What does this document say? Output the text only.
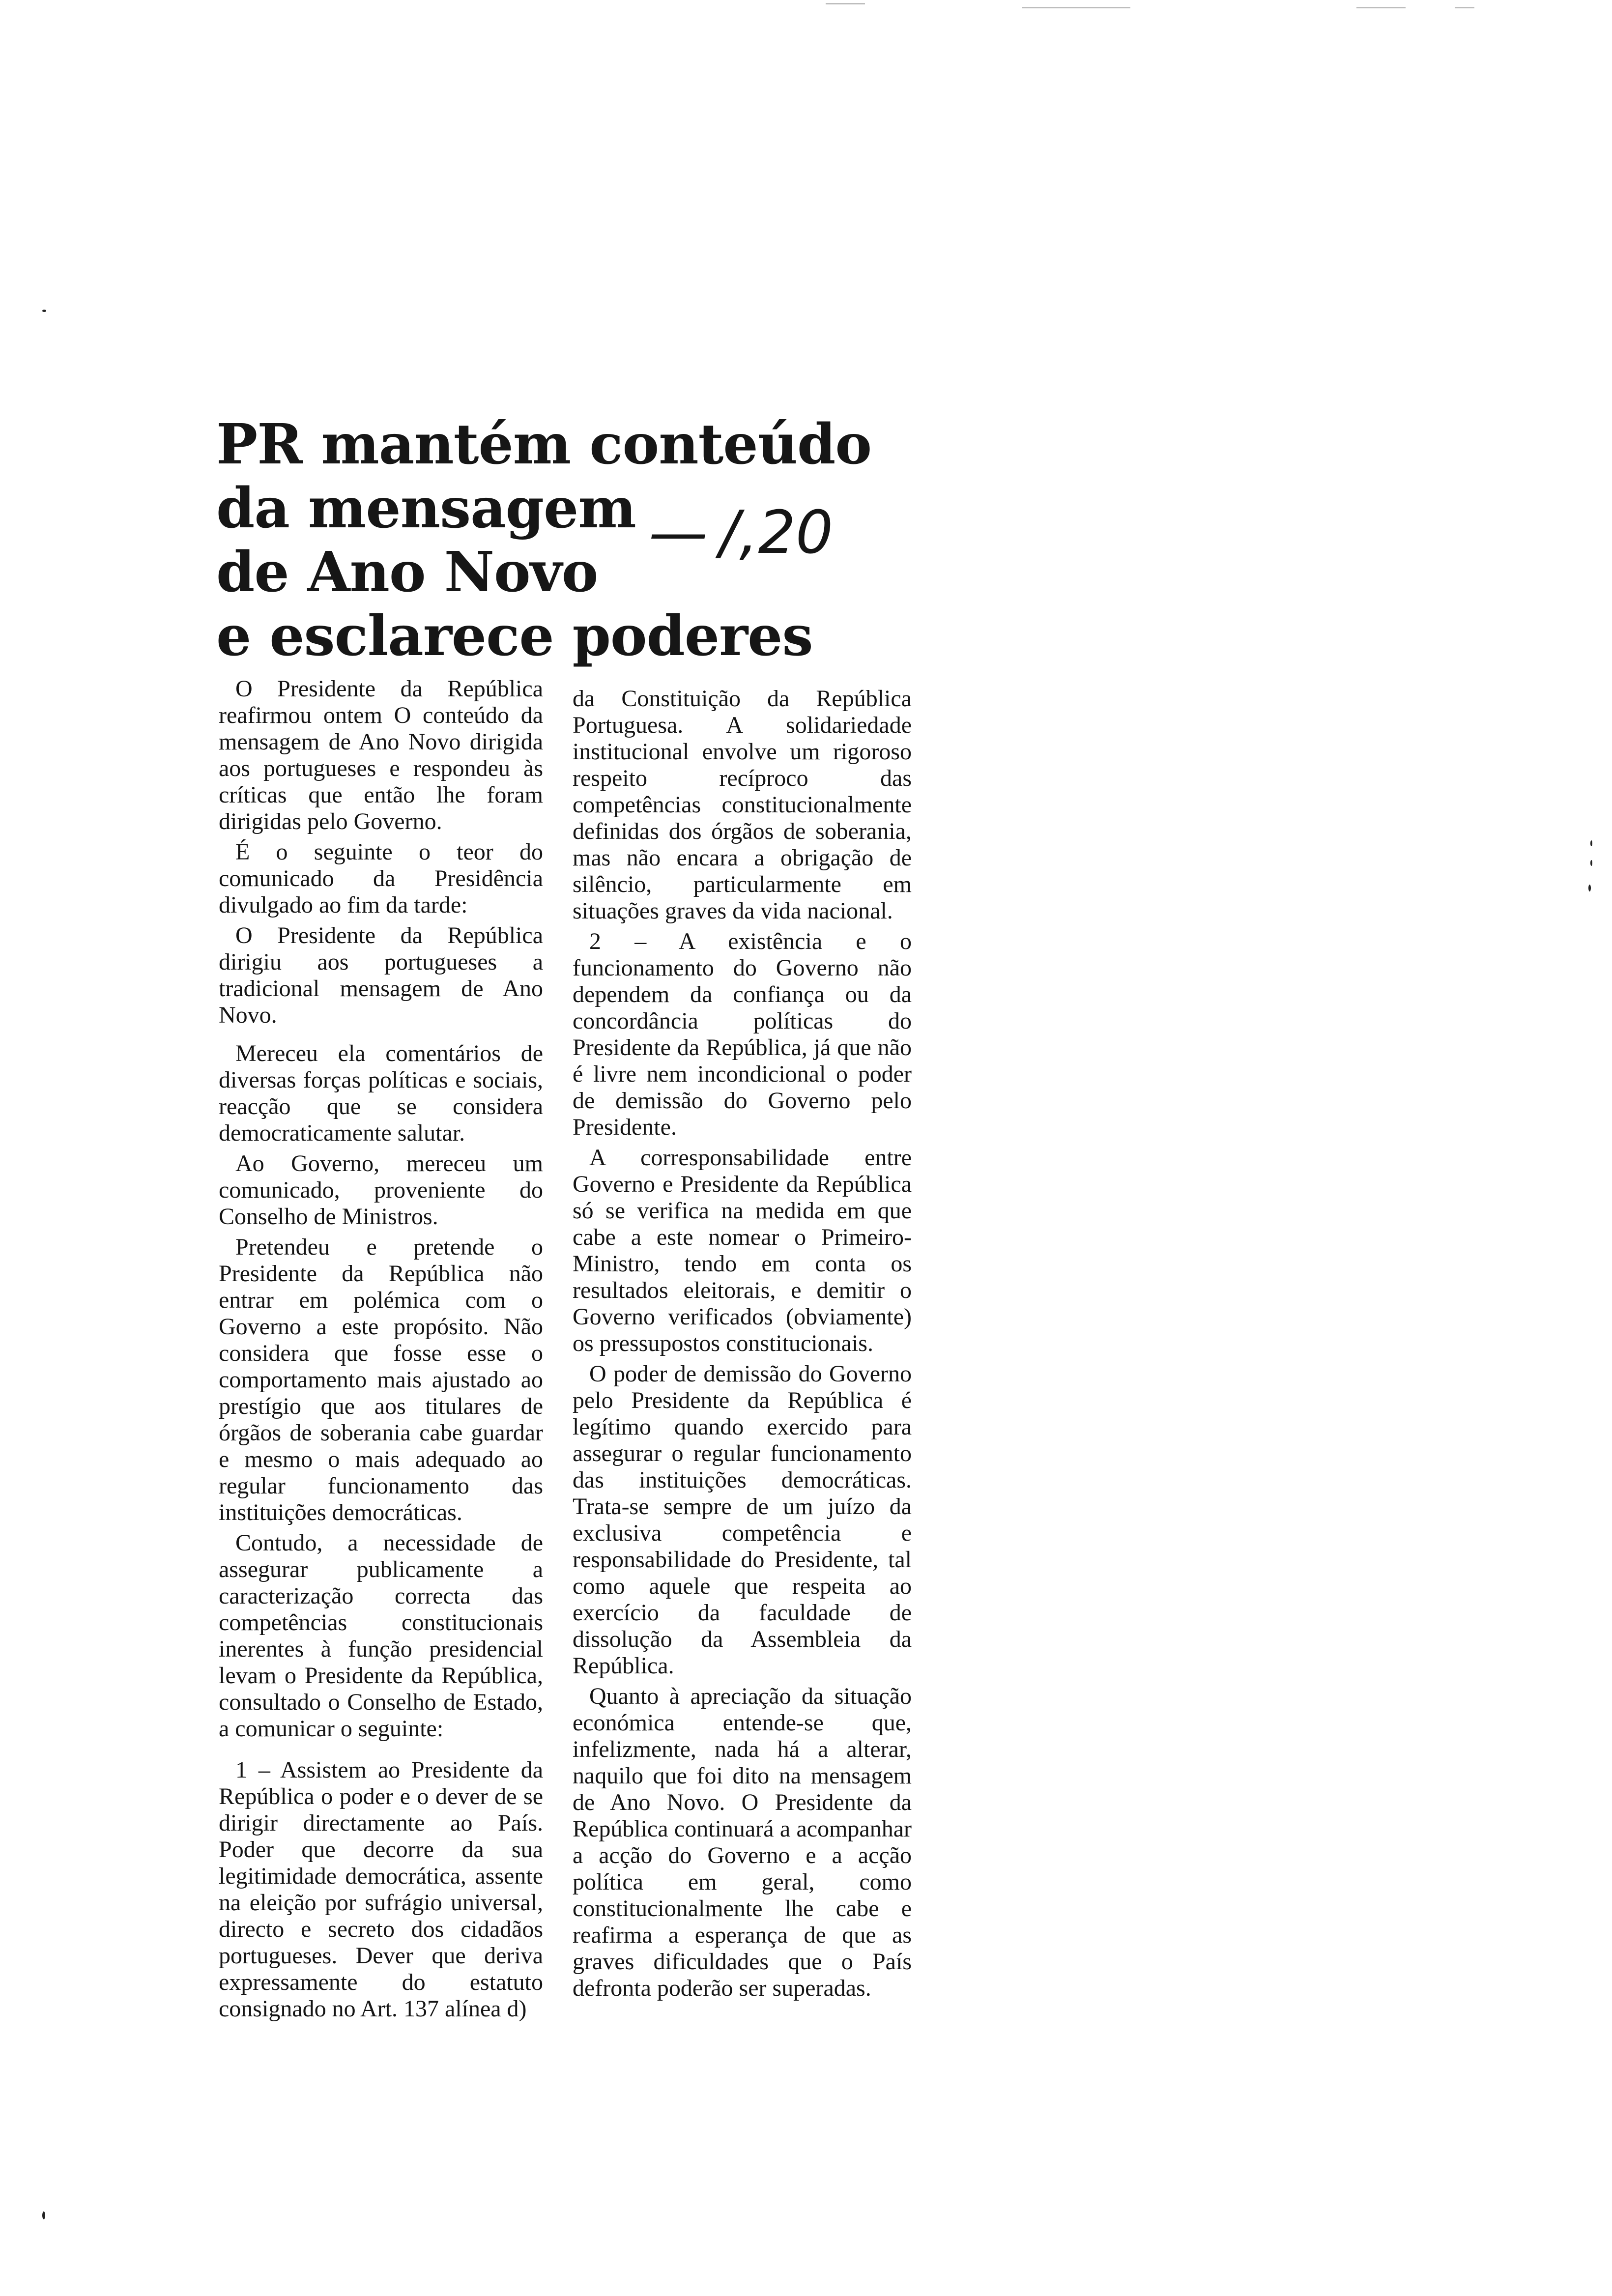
PR mantém conteúdo
da mensagem
de Ano Novo
e esclarece poderes
— /,20

O Presidente da República reafirmou ontem O conteúdo da mensagem de Ano Novo dirigida aos portugueses e respondeu às críticas que então lhe foram dirigidas pelo Governo.

É o seguinte o teor do comunicado da Presidência divulgado ao fim da tarde:

O Presidente da República dirigiu aos portugueses a tradicional mensagem de Ano Novo.

Mereceu ela comentários de diversas forças políticas e sociais, reacção que se considera democraticamente salutar.

Ao Governo, mereceu um comunicado, proveniente do Conselho de Ministros.

Pretendeu e pretende o Presidente da República não entrar em polémica com o Governo a este propósito. Não considera que fosse esse o comportamento mais ajustado ao prestígio que aos titulares de órgãos de soberania cabe guardar e mesmo o mais adequado ao regular funcionamento das instituições democráticas.

Contudo, a necessidade de assegurar publicamente a caracterização correcta das competências constitucionais inerentes à função presidencial levam o Presidente da República, consultado o Conselho de Estado, a comunicar o seguinte:

1 – Assistem ao Presidente da República o poder e o dever de se dirigir directamente ao País. Poder que decorre da sua legitimidade democrática, assente na eleição por sufrágio universal, directo e secreto dos cidadãos portugueses. Dever que deriva expressamente do estatuto consignado no Art. 137 alínea d)

da Constituição da República Portuguesa. A solidariedade institucional envolve um rigoroso respeito recíproco das competências constitucionalmente definidas dos órgãos de soberania, mas não encara a obrigação de silêncio, particularmente em situações graves da vida nacional.

2 – A existência e o funcionamento do Governo não dependem da confiança ou da concordância políticas do Presidente da República, já que não é livre nem incondicional o poder de demissão do Governo pelo Presidente.

A corresponsabilidade entre Governo e Presidente da República só se verifica na medida em que cabe a este nomear o Primeiro-Ministro, tendo em conta os resultados eleitorais, e demitir o Governo verificados (obviamente) os pressupostos constitucionais.

O poder de demissão do Governo pelo Presidente da República é legítimo quando exercido para assegurar o regular funcionamento das instituições democráticas. Trata-se sempre de um juízo da exclusiva competência e responsabilidade do Presidente, tal como aquele que respeita ao exercício da faculdade de dissolução da Assembleia da República.

Quanto à apreciação da situação económica entende-se que, infelizmente, nada há a alterar, naquilo que foi dito na mensagem de Ano Novo. O Presidente da República continuará a acompanhar a acção do Governo e a acção política em geral, como constitucionalmente lhe cabe e reafirma a esperança de que as graves dificuldades que o País defronta poderão ser superadas.
